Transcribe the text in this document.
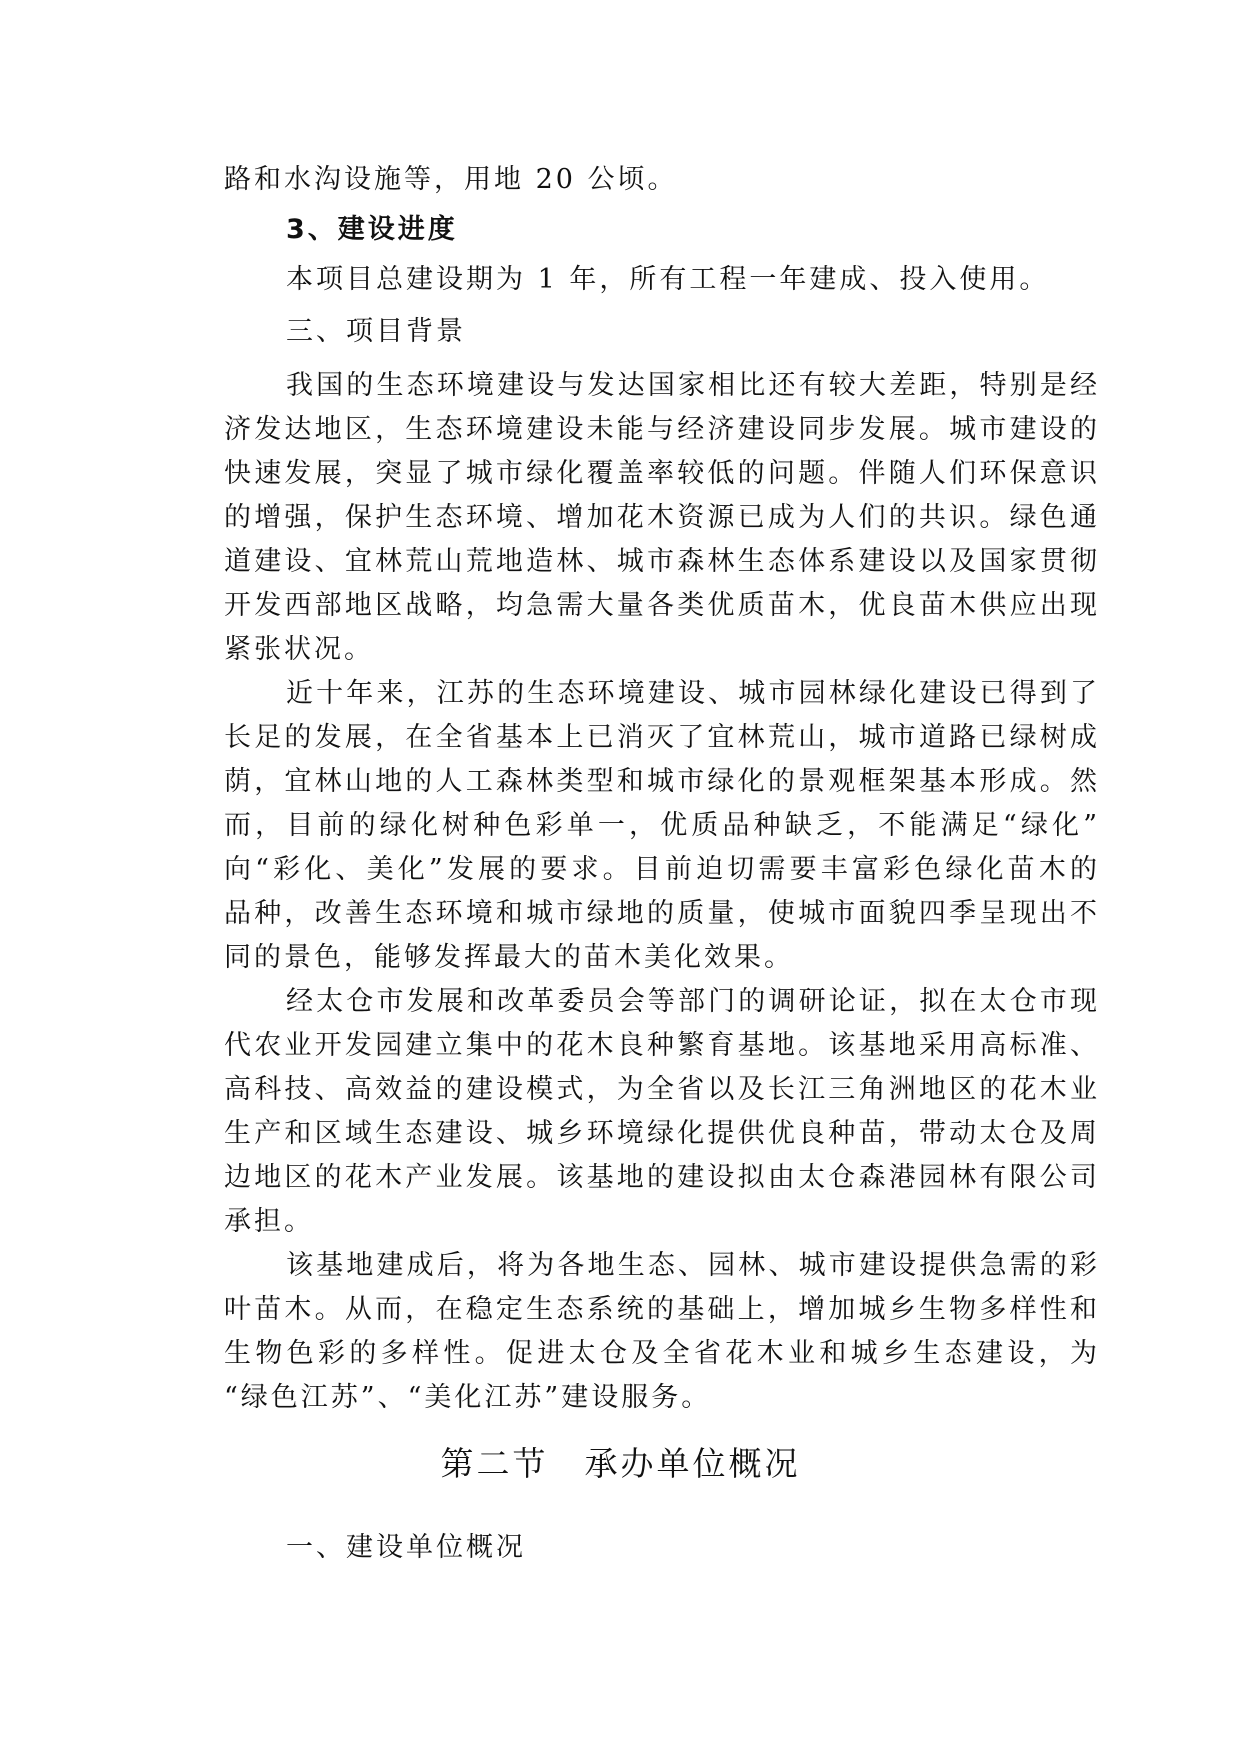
路和水沟设施等，用地 20 公顷。

3、建设进度

本项目总建设期为 1 年，所有工程一年建成、投入使用。

三、项目背景

我国的生态环境建设与发达国家相比还有较大差距，特别是经

济发达地区，生态环境建设未能与经济建设同步发展。城市建设的

快速发展，突显了城市绿化覆盖率较低的问题。伴随人们环保意识

的增强，保护生态环境、增加花木资源已成为人们的共识。绿色通

道建设、宜林荒山荒地造林、城市森林生态体系建设以及国家贯彻

开发西部地区战略，均急需大量各类优质苗木，优良苗木供应出现

紧张状况。

近十年来，江苏的生态环境建设、城市园林绿化建设已得到了

长足的发展，在全省基本上已消灭了宜林荒山，城市道路已绿树成

荫，宜林山地的人工森林类型和城市绿化的景观框架基本形成。然

而，目前的绿化树种色彩单一，优质品种缺乏，不能满足“绿化”

向“彩化、美化”发展的要求。目前迫切需要丰富彩色绿化苗木的

品种，改善生态环境和城市绿地的质量，使城市面貌四季呈现出不

同的景色，能够发挥最大的苗木美化效果。

经太仓市发展和改革委员会等部门的调研论证，拟在太仓市现

代农业开发园建立集中的花木良种繁育基地。该基地采用高标准、

高科技、高效益的建设模式，为全省以及长江三角洲地区的花木业

生产和区域生态建设、城乡环境绿化提供优良种苗，带动太仓及周

边地区的花木产业发展。该基地的建设拟由太仓森港园林有限公司

承担。

该基地建成后，将为各地生态、园林、城市建设提供急需的彩

叶苗木。从而，在稳定生态系统的基础上，增加城乡生物多样性和

生物色彩的多样性。促进太仓及全省花木业和城乡生态建设，为

“绿色江苏”、“美化江苏”建设服务。

第二节 承办单位概况
一、建设单位概况
